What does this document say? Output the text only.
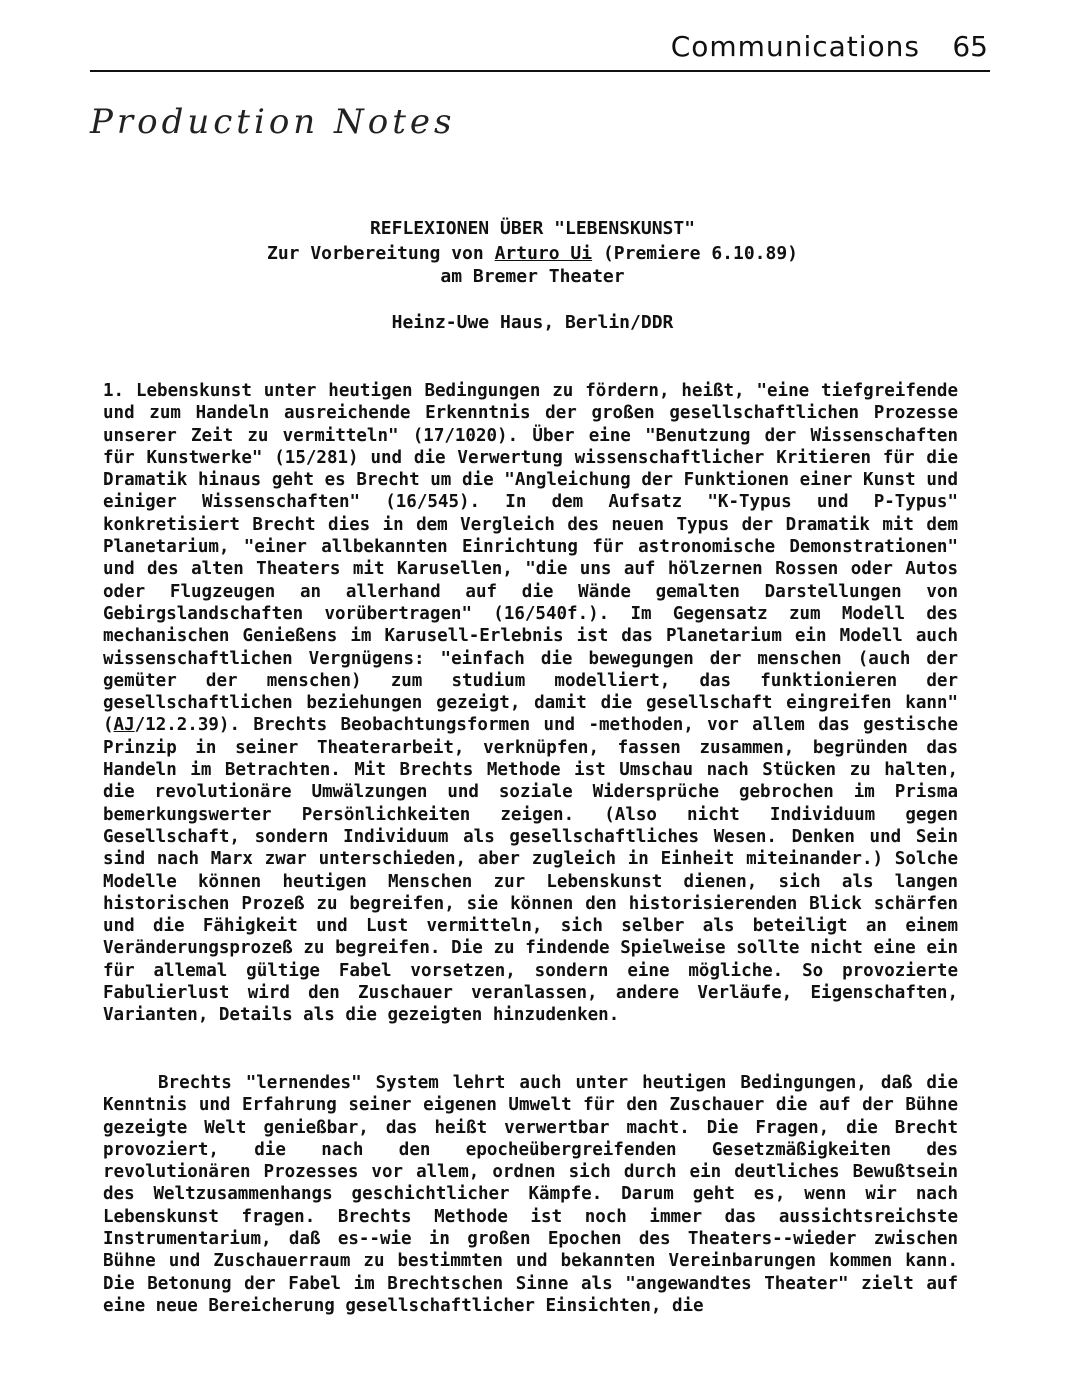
Communications 65
Production Notes
REFLEXIONEN ÜBER "LEBENSKUNST"
Zur Vorbereitung von Arturo Ui (Premiere 6.10.89)
am Bremer Theater
Heinz-Uwe Haus, Berlin/DDR

1. Lebenskunst unter heutigen Bedingungen zu fördern, heißt, "eine tiefgreifende und zum Handeln ausreichende Erkenntnis der großen gesellschaftlichen Prozesse unserer Zeit zu vermitteln" (17/1020). Über eine "Benutzung der Wissenschaften für Kunstwerke" (15/281) und die Verwertung wissenschaftlicher Kritieren für die Dramatik hinaus geht es Brecht um die "Angleichung der Funktionen einer Kunst und einiger Wissenschaften" (16/545). In dem Aufsatz "K-Typus und P-Typus" konkretisiert Brecht dies in dem Vergleich des neuen Typus der Dramatik mit dem Planetarium, "einer allbekannten Einrichtung für astronomische Demonstrationen" und des alten Theaters mit Karusellen, "die uns auf hölzernen Rossen oder Autos oder Flugzeugen an allerhand auf die Wände gemalten Darstellungen von Gebirgslandschaften vorübertragen" (16/540f.). Im Gegensatz zum Modell des mechanischen Genießens im Karusell-Erlebnis ist das Planetarium ein Modell auch wissenschaftlichen Vergnügens: "einfach die bewegungen der menschen (auch der gemüter der menschen) zum studium modelliert, das funktionieren der gesellschaftlichen beziehungen gezeigt, damit die gesellschaft eingreifen kann" (AJ/12.2.39). Brechts Beobachtungsformen und -methoden, vor allem das gestische Prinzip in seiner Theaterarbeit, verknüpfen, fassen zusammen, begründen das Handeln im Betrachten. Mit Brechts Methode ist Umschau nach Stücken zu halten, die revolutionäre Umwälzungen und soziale Widersprüche gebrochen im Prisma bemerkungswerter Persönlichkeiten zeigen. (Also nicht Individuum gegen Gesellschaft, sondern Individuum als gesellschaftliches Wesen. Denken und Sein sind nach Marx zwar unterschieden, aber zugleich in Einheit miteinander.) Solche Modelle können heutigen Menschen zur Lebenskunst dienen, sich als langen historischen Prozeß zu begreifen, sie können den historisierenden Blick schärfen und die Fähigkeit und Lust vermitteln, sich selber als beteiligt an einem Veränderungsprozeß zu begreifen. Die zu findende Spielweise sollte nicht eine ein für allemal gültige Fabel vorsetzen, sondern eine mögliche. So provozierte Fabulierlust wird den Zuschauer veranlassen, andere Verläufe, Eigenschaften, Varianten, Details als die gezeigten hinzudenken.

Brechts "lernendes" System lehrt auch unter heutigen Bedingungen, daß die Kenntnis und Erfahrung seiner eigenen Umwelt für den Zuschauer die auf der Bühne gezeigte Welt genießbar, das heißt verwertbar macht. Die Fragen, die Brecht provoziert, die nach den epocheübergreifenden Gesetzmäßigkeiten des revolutionären Prozesses vor allem, ordnen sich durch ein deutliches Bewußtsein des Weltzusammenhangs geschichtlicher Kämpfe. Darum geht es, wenn wir nach Lebenskunst fragen. Brechts Methode ist noch immer das aussichtsreichste Instrumentarium, daß es--wie in großen Epochen des Theaters--wieder zwischen Bühne und Zuschauerraum zu bestimmten und bekannten Vereinbarungen kommen kann. Die Betonung der Fabel im Brechtschen Sinne als "angewandtes Theater" zielt auf eine neue Bereicherung gesellschaftlicher Einsichten, die
